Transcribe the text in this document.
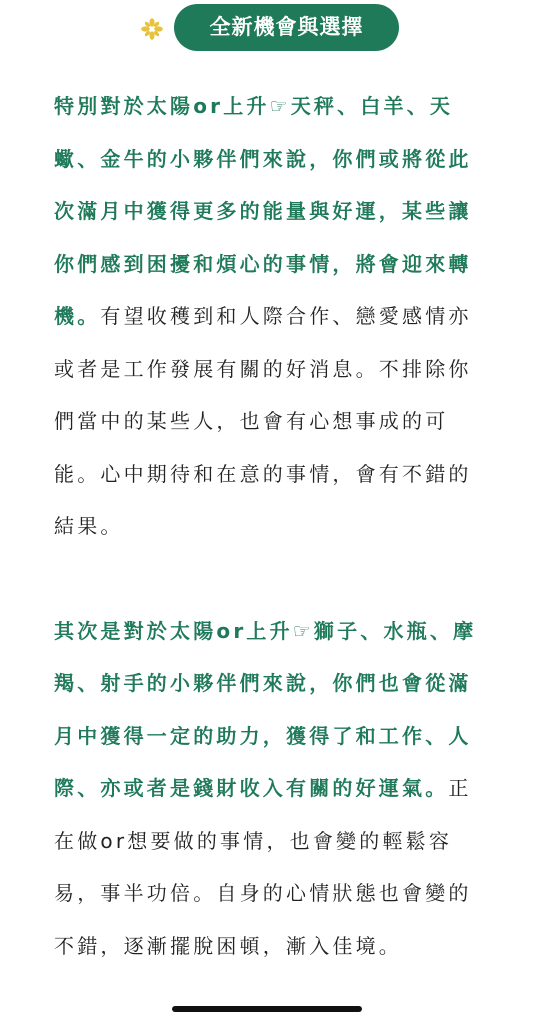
全新機會與選擇

特別對於太陽or上升☞天秤、白羊、天蠍、金牛的小夥伴們來說，你們或將從此次滿月中獲得更多的能量與好運，某些讓你們感到困擾和煩心的事情，將會迎來轉機。有望收穫到和人際合作、戀愛感情亦或者是工作發展有關的好消息。不排除你們當中的某些人，也會有心想事成的可能。心中期待和在意的事情，會有不錯的結果。

其次是對於太陽or上升☞獅子、水瓶、摩羯、射手的小夥伴們來說，你們也會從滿月中獲得一定的助力，獲得了和工作、人際、亦或者是錢財收入有關的好運氣。正在做or想要做的事情，也會變的輕鬆容易，事半功倍。自身的心情狀態也會變的不錯，逐漸擺脫困頓，漸入佳境。
